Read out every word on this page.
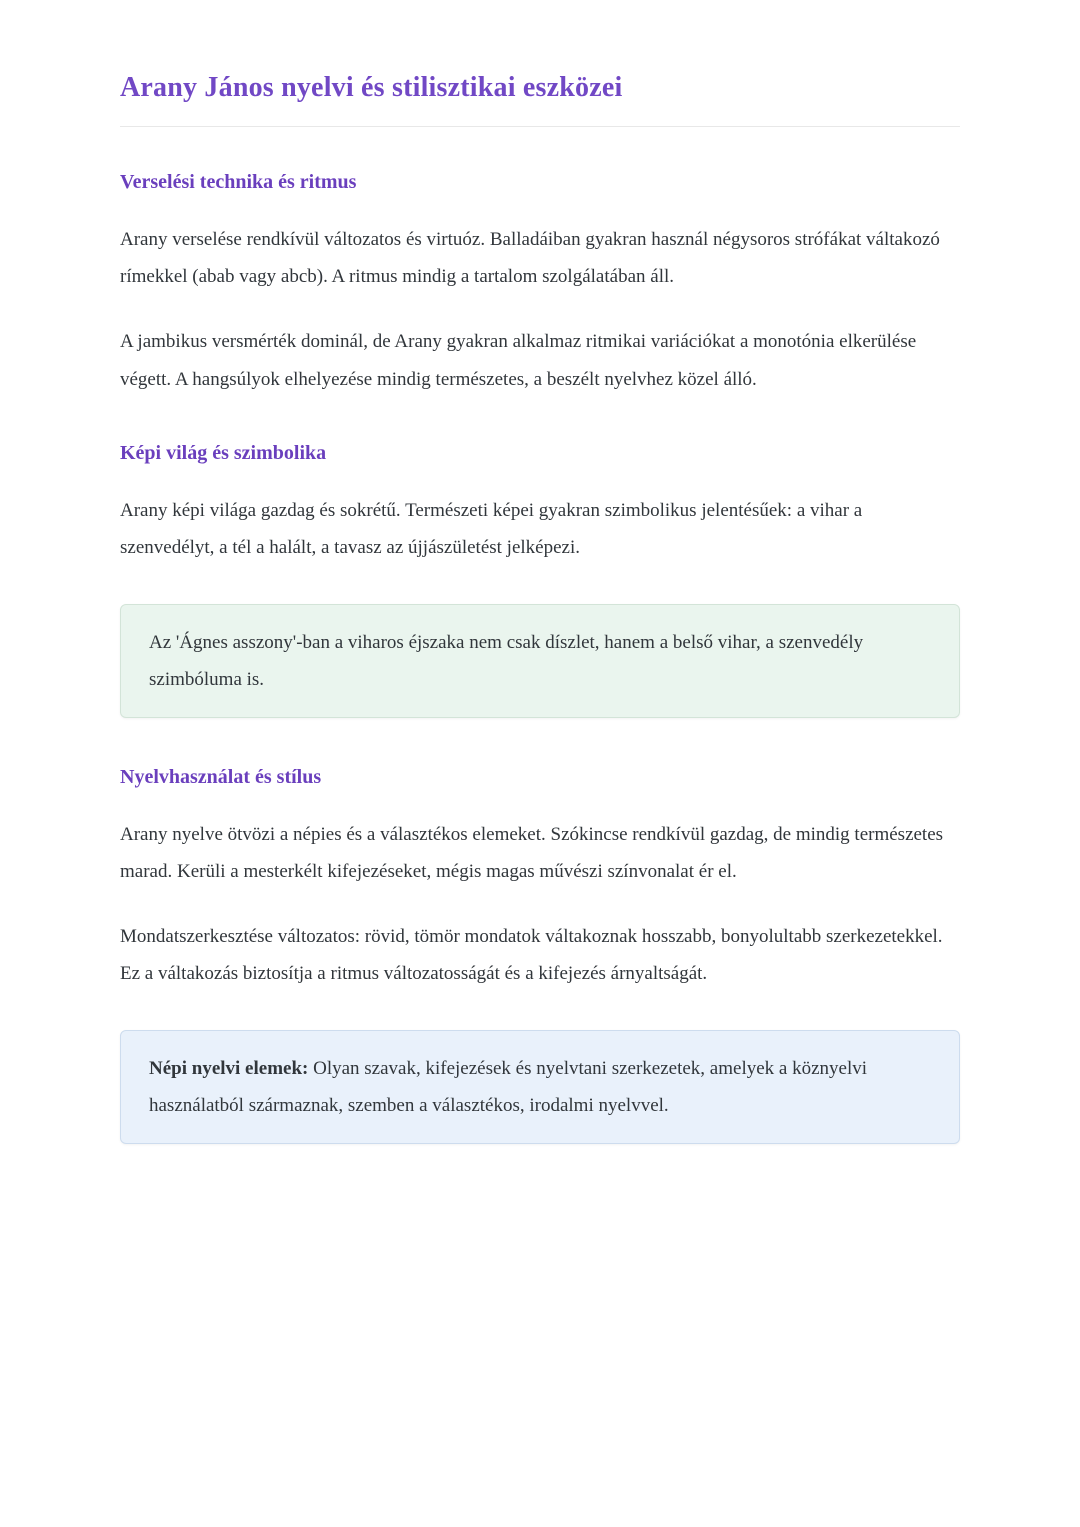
Arany János nyelvi és stilisztikai eszközei
Verselési technika és ritmus

Arany verselése rendkívül változatos és virtuóz. Balladáiban gyakran használ négysoros strófákat váltakozó rímekkel (abab vagy abcb). A ritmus mindig a tartalom szolgálatában áll.

A jambikus versmérték dominál, de Arany gyakran alkalmaz ritmikai variációkat a monotónia elkerülése végett. A hangsúlyok elhelyezése mindig természetes, a beszélt nyelvhez közel álló.

Képi világ és szimbolika

Arany képi világa gazdag és sokrétű. Természeti képei gyakran szimbolikus jelentésűek: a vihar a szenvedélyt, a tél a halált, a tavasz az újjászületést jelképezi.

Az 'Ágnes asszony'-ban a viharos éjszaka nem csak díszlet, hanem a belső vihar, a szenvedély szimbóluma is.

Nyelvhasználat és stílus

Arany nyelve ötvözi a népies és a választékos elemeket. Szókincse rendkívül gazdag, de mindig természetes marad. Kerüli a mesterkélt kifejezéseket, mégis magas művészi színvonalat ér el.

Mondatszerkesztése változatos: rövid, tömör mondatok váltakoznak hosszabb, bonyolultabb szerkezetekkel. Ez a váltakozás biztosítja a ritmus változatosságát és a kifejezés árnyaltságát.

Népi nyelvi elemek: Olyan szavak, kifejezések és nyelvtani szerkezetek, amelyek a köznyelvi használatból származnak, szemben a választékos, irodalmi nyelvvel.
